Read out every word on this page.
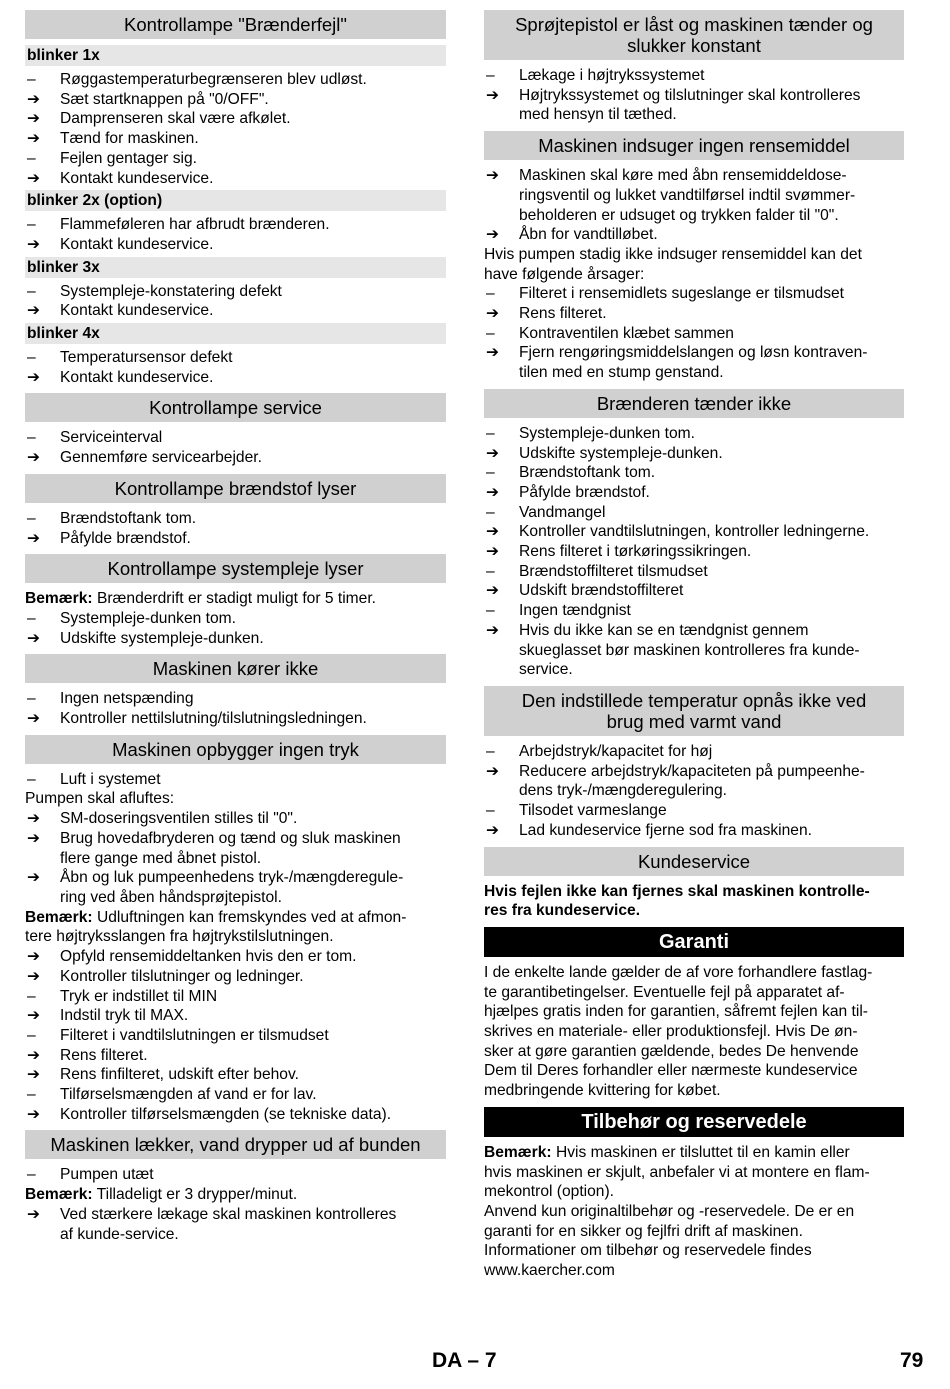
Kontrollampe "Brænderfejl"
blinker 1x
–	Røggastemperaturbegrænseren blev udløst.
➔	Sæt startknappen på "0/OFF".
➔	Damprenseren skal være afkølet.
➔	Tænd for maskinen.
–	Fejlen gentager sig.
➔	Kontakt kundeservice.
blinker 2x (option)
–	Flammeføleren har afbrudt brænderen.
➔	Kontakt kundeservice.
blinker 3x
–	Systempleje-konstatering defekt
➔	Kontakt kundeservice.
blinker 4x
–	Temperatursensor defekt
➔	Kontakt kundeservice.
Kontrollampe service
–	Serviceinterval
➔	Gennemføre servicearbejder.
Kontrollampe brændstof lyser
–	Brændstoftank tom.
➔	Påfylde brændstof.
Kontrollampe systempleje lyser
Bemærk: Brænderdrift er stadigt muligt for 5 timer.
–	Systempleje-dunken tom.
➔	Udskifte systempleje-dunken.
Maskinen kører ikke
–	Ingen netspænding
➔	Kontroller nettilslutning/tilslutningsledningen.
Maskinen opbygger ingen tryk
–	Luft i systemet
Pumpen skal afluftes:
➔	SM-doseringsventilen stilles til "0".
➔	Brug hovedafbryderen og tænd og sluk maskinen
flere gange med åbnet pistol.
➔	Åbn og luk pumpeenhedens tryk-/mængderegule-
ring ved åben håndsprøjtepistol.
Bemærk: Udluftningen kan fremskyndes ved at afmon-
tere højtryksslangen fra højtrykstilslutningen.
➔	Opfyld rensemiddeltanken hvis den er tom.
➔	Kontroller tilslutninger og ledninger.
–	Tryk er indstillet til MIN
➔	Indstil tryk til MAX.
–	Filteret i vandtilslutningen er tilsmudset
➔	Rens filteret.
➔	Rens finfilteret, udskift efter behov.
–	Tilførselsmængden af vand er for lav.
➔	Kontroller tilførselsmængden (se tekniske data).
Maskinen lækker, vand drypper ud af bunden
–	Pumpen utæt
Bemærk: Tilladeligt er 3 drypper/minut.
➔	Ved stærkere lækage skal maskinen kontrolleres
af kunde-service.
Sprøjtepistol er låst og maskinen tænder og
slukker konstant
–	Lækage i højtrykssystemet
➔	Højtrykssystemet og tilslutninger skal kontrolleres
med hensyn til tæthed.
Maskinen indsuger ingen rensemiddel
➔	Maskinen skal køre med åbn rensemiddeldose-
ringsventil og lukket vandtilførsel indtil svømmer-
beholderen er udsuget og trykken falder til "0".
➔	Åbn for vandtilløbet.
Hvis pumpen stadig ikke indsuger rensemiddel kan det
have følgende årsager:
–	Filteret i rensemidlets sugeslange er tilsmudset
➔	Rens filteret.
–	Kontraventilen klæbet sammen
➔	Fjern rengøringsmiddelslangen og løsn kontraven-
tilen med en stump genstand.
Brænderen tænder ikke
–	Systempleje-dunken tom.
➔	Udskifte systempleje-dunken.
–	Brændstoftank tom.
➔	Påfylde brændstof.
–	Vandmangel
➔	Kontroller vandtilslutningen, kontroller ledningerne.
➔	Rens filteret i tørkøringssikringen.
–	Brændstoffilteret tilsmudset
➔	Udskift brændstoffilteret
–	Ingen tændgnist
➔	Hvis du ikke kan se en tændgnist gennem
skueglasset bør maskinen kontrolleres fra kunde-
service.
Den indstillede temperatur opnås ikke ved
brug med varmt vand
–	Arbejdstryk/kapacitet for høj
➔	Reducere arbejdstryk/kapaciteten på pumpeenhe-
dens tryk-/mængderegulering.
–	Tilsodet varmeslange
➔	Lad kundeservice fjerne sod fra maskinen.
Kundeservice
Hvis fejlen ikke kan fjernes skal maskinen kontrolle-
res fra kundeservice.
Garanti
I de enkelte lande gælder de af vore forhandlere fastlag-
te garantibetingelser. Eventuelle fejl på apparatet af-
hjælpes gratis inden for garantien, såfremt fejlen kan til-
skrives en materiale- eller produktionsfejl. Hvis De øn-
sker at gøre garantien gældende, bedes De henvende
Dem til Deres forhandler eller nærmeste kundeservice
medbringende kvittering for købet.
Tilbehør og reservedele
Bemærk: Hvis maskinen er tilsluttet til en kamin eller
hvis maskinen er skjult, anbefaler vi at montere en flam-
mekontrol (option).
Anvend kun originaltilbehør og -reservedele. De er en
garanti for en sikker og fejlfri drift af maskinen.
Informationer om tilbehør og reservedele findes
www.kaercher.com
DA – 7	79
